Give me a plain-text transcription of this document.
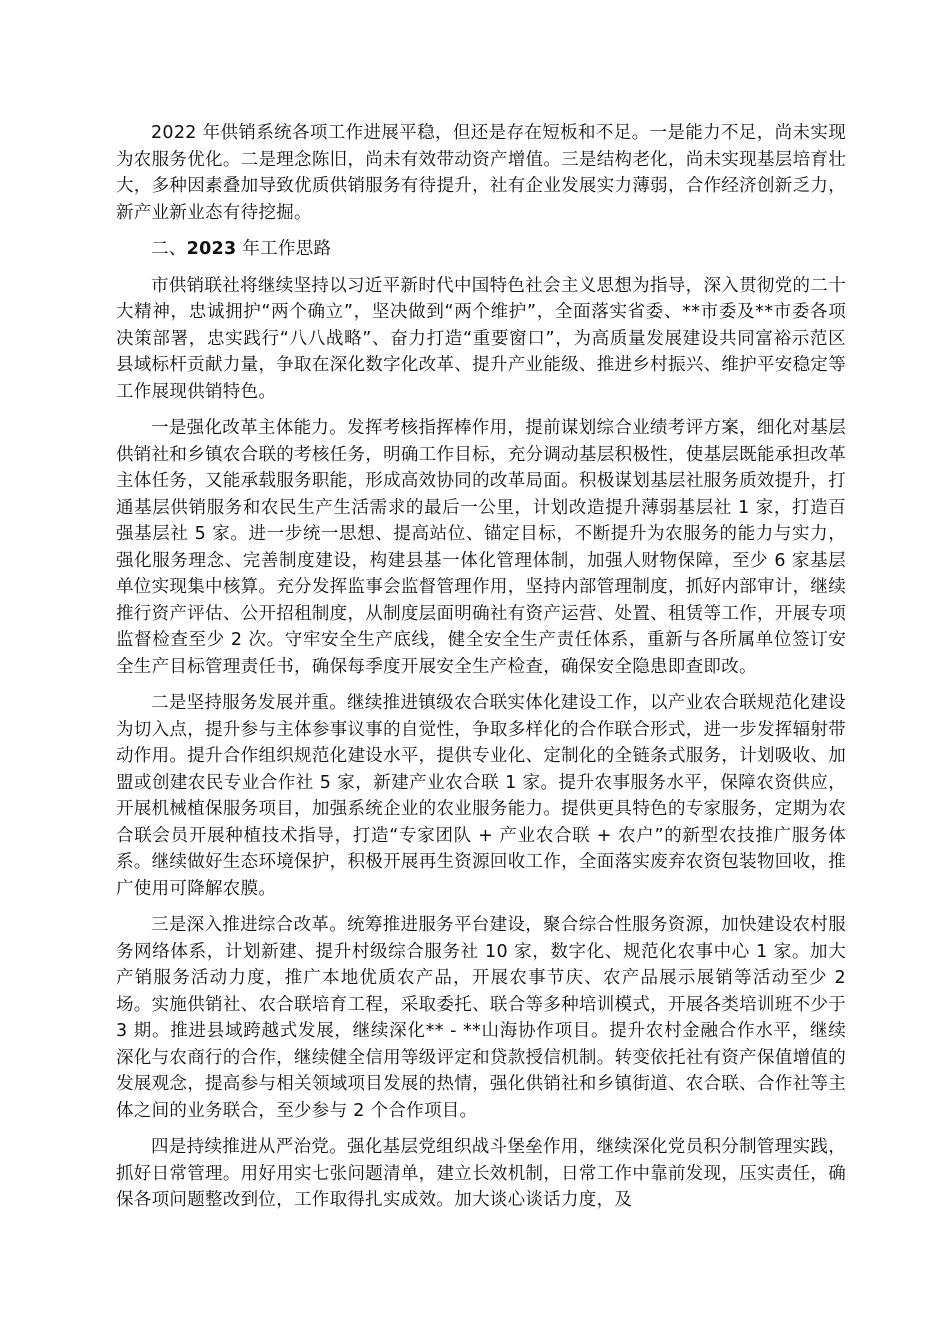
2022 年供销系统各项工作进展平稳，但还是存在短板和不足。一是能力不足，尚未实现为农服务优化。二是理念陈旧，尚未有效带动资产增值。三是结构老化，尚未实现基层培育壮大，多种因素叠加导致优质供销服务有待提升，社有企业发展实力薄弱，合作经济创新乏力，新产业新业态有待挖掘。

二、2023 年工作思路

市供销联社将继续坚持以习近平新时代中国特色社会主义思想为指导，深入贯彻党的二十大精神，忠诚拥护“两个确立”，坚决做到“两个维护”，全面落实省委、**市委及**市委各项决策部署，忠实践行“八八战略”、奋力打造“重要窗口”，为高质量发展建设共同富裕示范区县域标杆贡献力量，争取在深化数字化改革、提升产业能级、推进乡村振兴、维护平安稳定等工作展现供销特色。

一是强化改革主体能力。发挥考核指挥棒作用，提前谋划综合业绩考评方案，细化对基层供销社和乡镇农合联的考核任务，明确工作目标，充分调动基层积极性，使基层既能承担改革主体任务，又能承载服务职能，形成高效协同的改革局面。积极谋划基层社服务质效提升，打通基层供销服务和农民生产生活需求的最后一公里，计划改造提升薄弱基层社 1 家，打造百强基层社 5 家。进一步统一思想、提高站位、锚定目标，不断提升为农服务的能力与实力，强化服务理念、完善制度建设，构建县基一体化管理体制，加强人财物保障，至少 6 家基层单位实现集中核算。充分发挥监事会监督管理作用，坚持内部管理制度，抓好内部审计，继续推行资产评估、公开招租制度，从制度层面明确社有资产运营、处置、租赁等工作，开展专项监督检查至少 2 次。守牢安全生产底线，健全安全生产责任体系，重新与各所属单位签订安全生产目标管理责任书，确保每季度开展安全生产检查，确保安全隐患即查即改。

二是坚持服务发展并重。继续推进镇级农合联实体化建设工作，以产业农合联规范化建设为切入点，提升参与主体参事议事的自觉性，争取多样化的合作联合形式，进一步发挥辐射带动作用。提升合作组织规范化建设水平，提供专业化、定制化的全链条式服务，计划吸收、加盟或创建农民专业合作社 5 家，新建产业农合联 1 家。提升农事服务水平，保障农资供应，开展机械植保服务项目，加强系统企业的农业服务能力。提供更具特色的专家服务，定期为农合联会员开展种植技术指导，打造“专家团队 + 产业农合联 + 农户”的新型农技推广服务体系。继续做好生态环境保护，积极开展再生资源回收工作，全面落实废弃农资包装物回收，推广使用可降解农膜。

三是深入推进综合改革。统筹推进服务平台建设，聚合综合性服务资源，加快建设农村服务网络体系，计划新建、提升村级综合服务社 10 家，数字化、规范化农事中心 1 家。加大产销服务活动力度，推广本地优质农产品，开展农事节庆、农产品展示展销等活动至少 2 场。实施供销社、农合联培育工程，采取委托、联合等多种培训模式，开展各类培训班不少于 3 期。推进县域跨越式发展，继续深化** - **山海协作项目。提升农村金融合作水平，继续深化与农商行的合作，继续健全信用等级评定和贷款授信机制。转变依托社有资产保值增值的发展观念，提高参与相关领域项目发展的热情，强化供销社和乡镇街道、农合联、合作社等主体之间的业务联合，至少参与 2 个合作项目。

四是持续推进从严治党。强化基层党组织战斗堡垒作用，继续深化党员积分制管理实践，抓好日常管理。用好用实七张问题清单，建立长效机制，日常工作中靠前发现，压实责任，确保各项问题整改到位，工作取得扎实成效。加大谈心谈话力度，及
